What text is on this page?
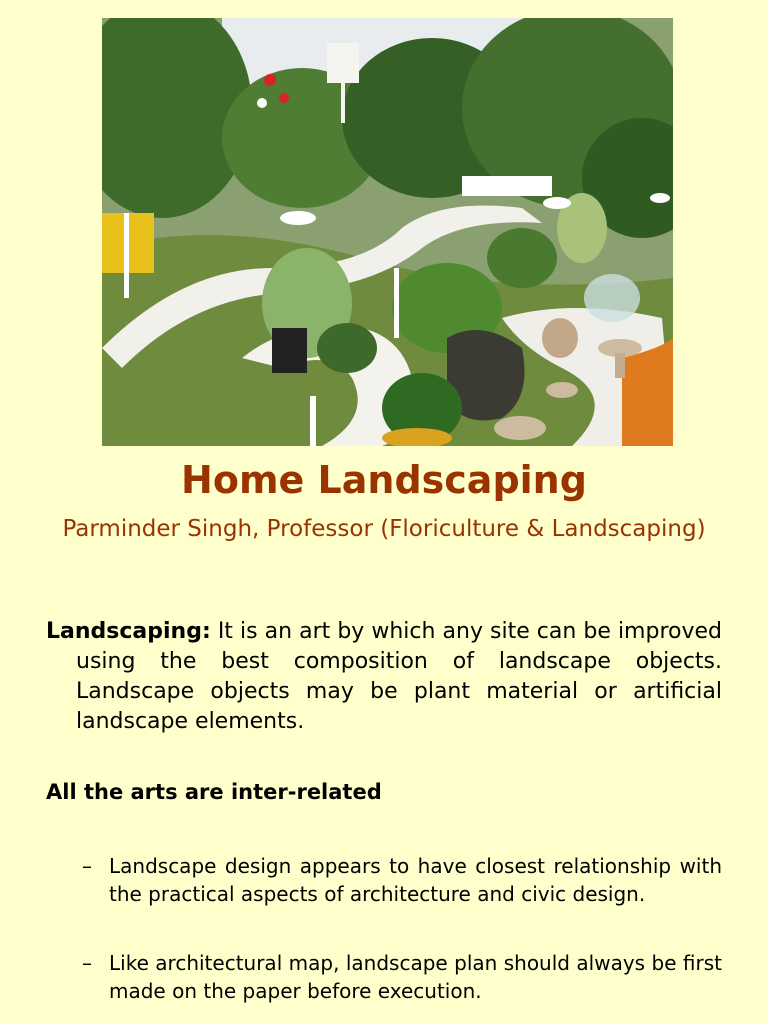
Home Landscaping
Parminder Singh, Professor (Floriculture & Landscaping)
Landscaping: It is an art by which any site can be improved using the best composition of landscape objects. Landscape objects may be plant material or artificial landscape elements.
All the arts are inter-related
– Landscape design appears to have closest relationship with the practical aspects of architecture and civic design.
– Like architectural map, landscape plan should always be first made on the paper before execution.
